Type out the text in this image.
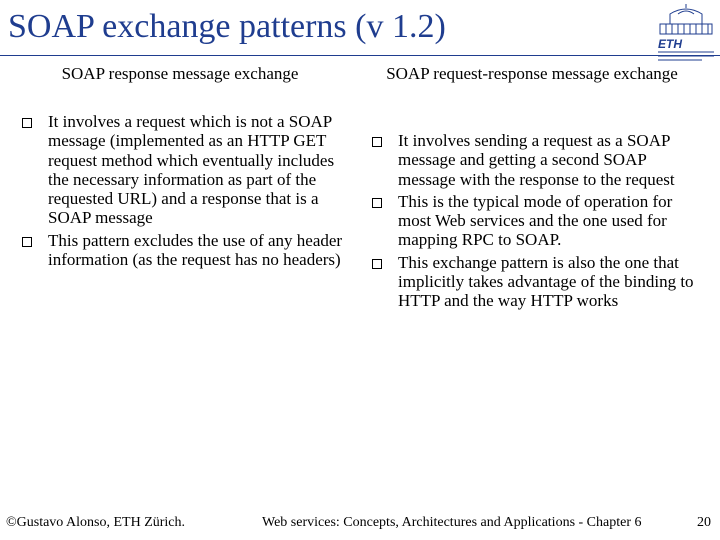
SOAP exchange patterns (v 1.2)	ETH
SOAP response message exchange	SOAP request-response message exchange
It involves a request which is not a SOAP message (implemented as an HTTP GET request method which eventually includes the necessary information as part of the requested URL) and a response that is a SOAP message
This pattern excludes the use of any header information (as the request has no headers)
It involves sending a request as a SOAP message and getting a second SOAP message with the response to the request
This is the typical mode of operation for most Web services and the one used for mapping RPC to SOAP.
This exchange pattern is also the one that implicitly takes advantage of the binding to HTTP and the way HTTP works
©Gustavo Alonso, ETH Zürich.	Web services: Concepts, Architectures and Applications - Chapter 6	20
